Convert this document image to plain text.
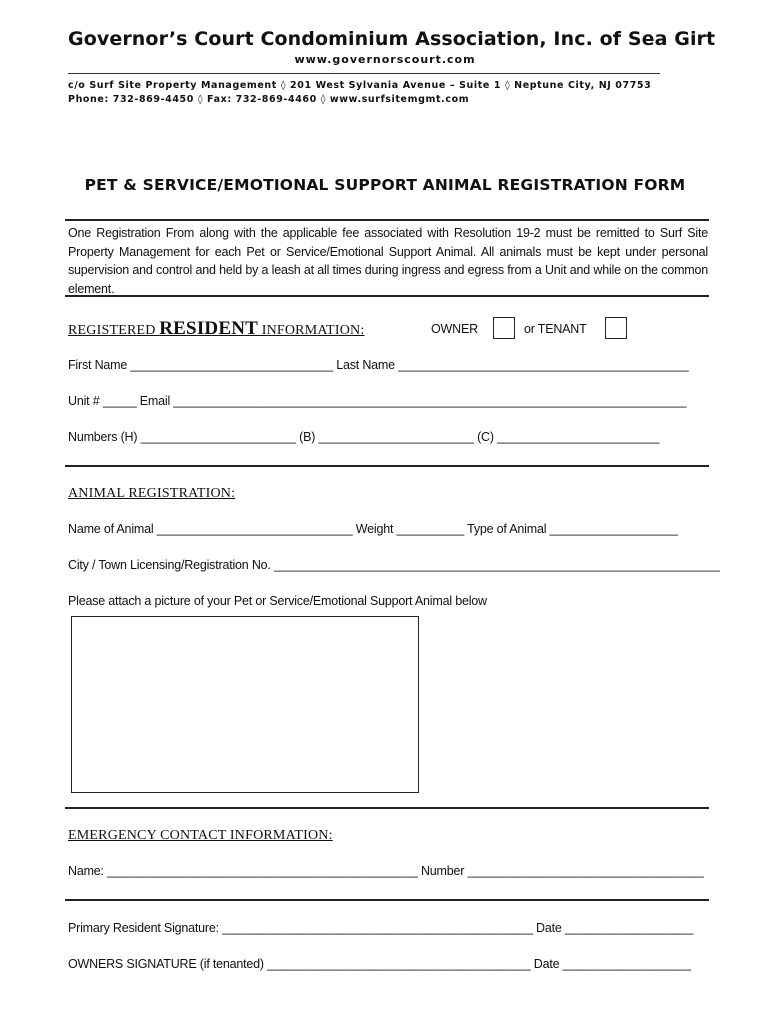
Governor’s Court Condominium Association, Inc. of Sea Girt
www.governorscourt.com
c/o Surf Site Property Management ◊ 201 West Sylvania Avenue – Suite 1 ◊ Neptune City, NJ 07753
Phone: 732-869-4450 ◊ Fax: 732-869-4460 ◊ www.surfsitemgmt.com
PET & SERVICE/EMOTIONAL SUPPORT ANIMAL REGISTRATION FORM
One Registration From along with the applicable fee associated with Resolution 19-2 must be remitted to Surf Site Property Management for each Pet or Service/Emotional Support Animal. All animals must be kept under personal supervision and control and held by a leash at all times during ingress and egress from a Unit and while on the common element.
REGISTERED RESIDENT INFORMATION:	OWNER	or TENANT
First Name ______________________________ Last Name ___________________________________________
Unit # _____ Email ____________________________________________________________________________
Numbers (H) _______________________ (B) _______________________ (C) ________________________
ANIMAL REGISTRATION:
Name of Animal _____________________________ Weight __________ Type of Animal ___________________
City / Town Licensing/Registration No. __________________________________________________________________
Please attach a picture of your Pet or Service/Emotional Support Animal below
EMERGENCY CONTACT INFORMATION:
Name: ______________________________________________ Number ___________________________________
Primary Resident Signature: ______________________________________________ Date ___________________
OWNERS SIGNATURE (if tenanted) _______________________________________ Date ___________________
